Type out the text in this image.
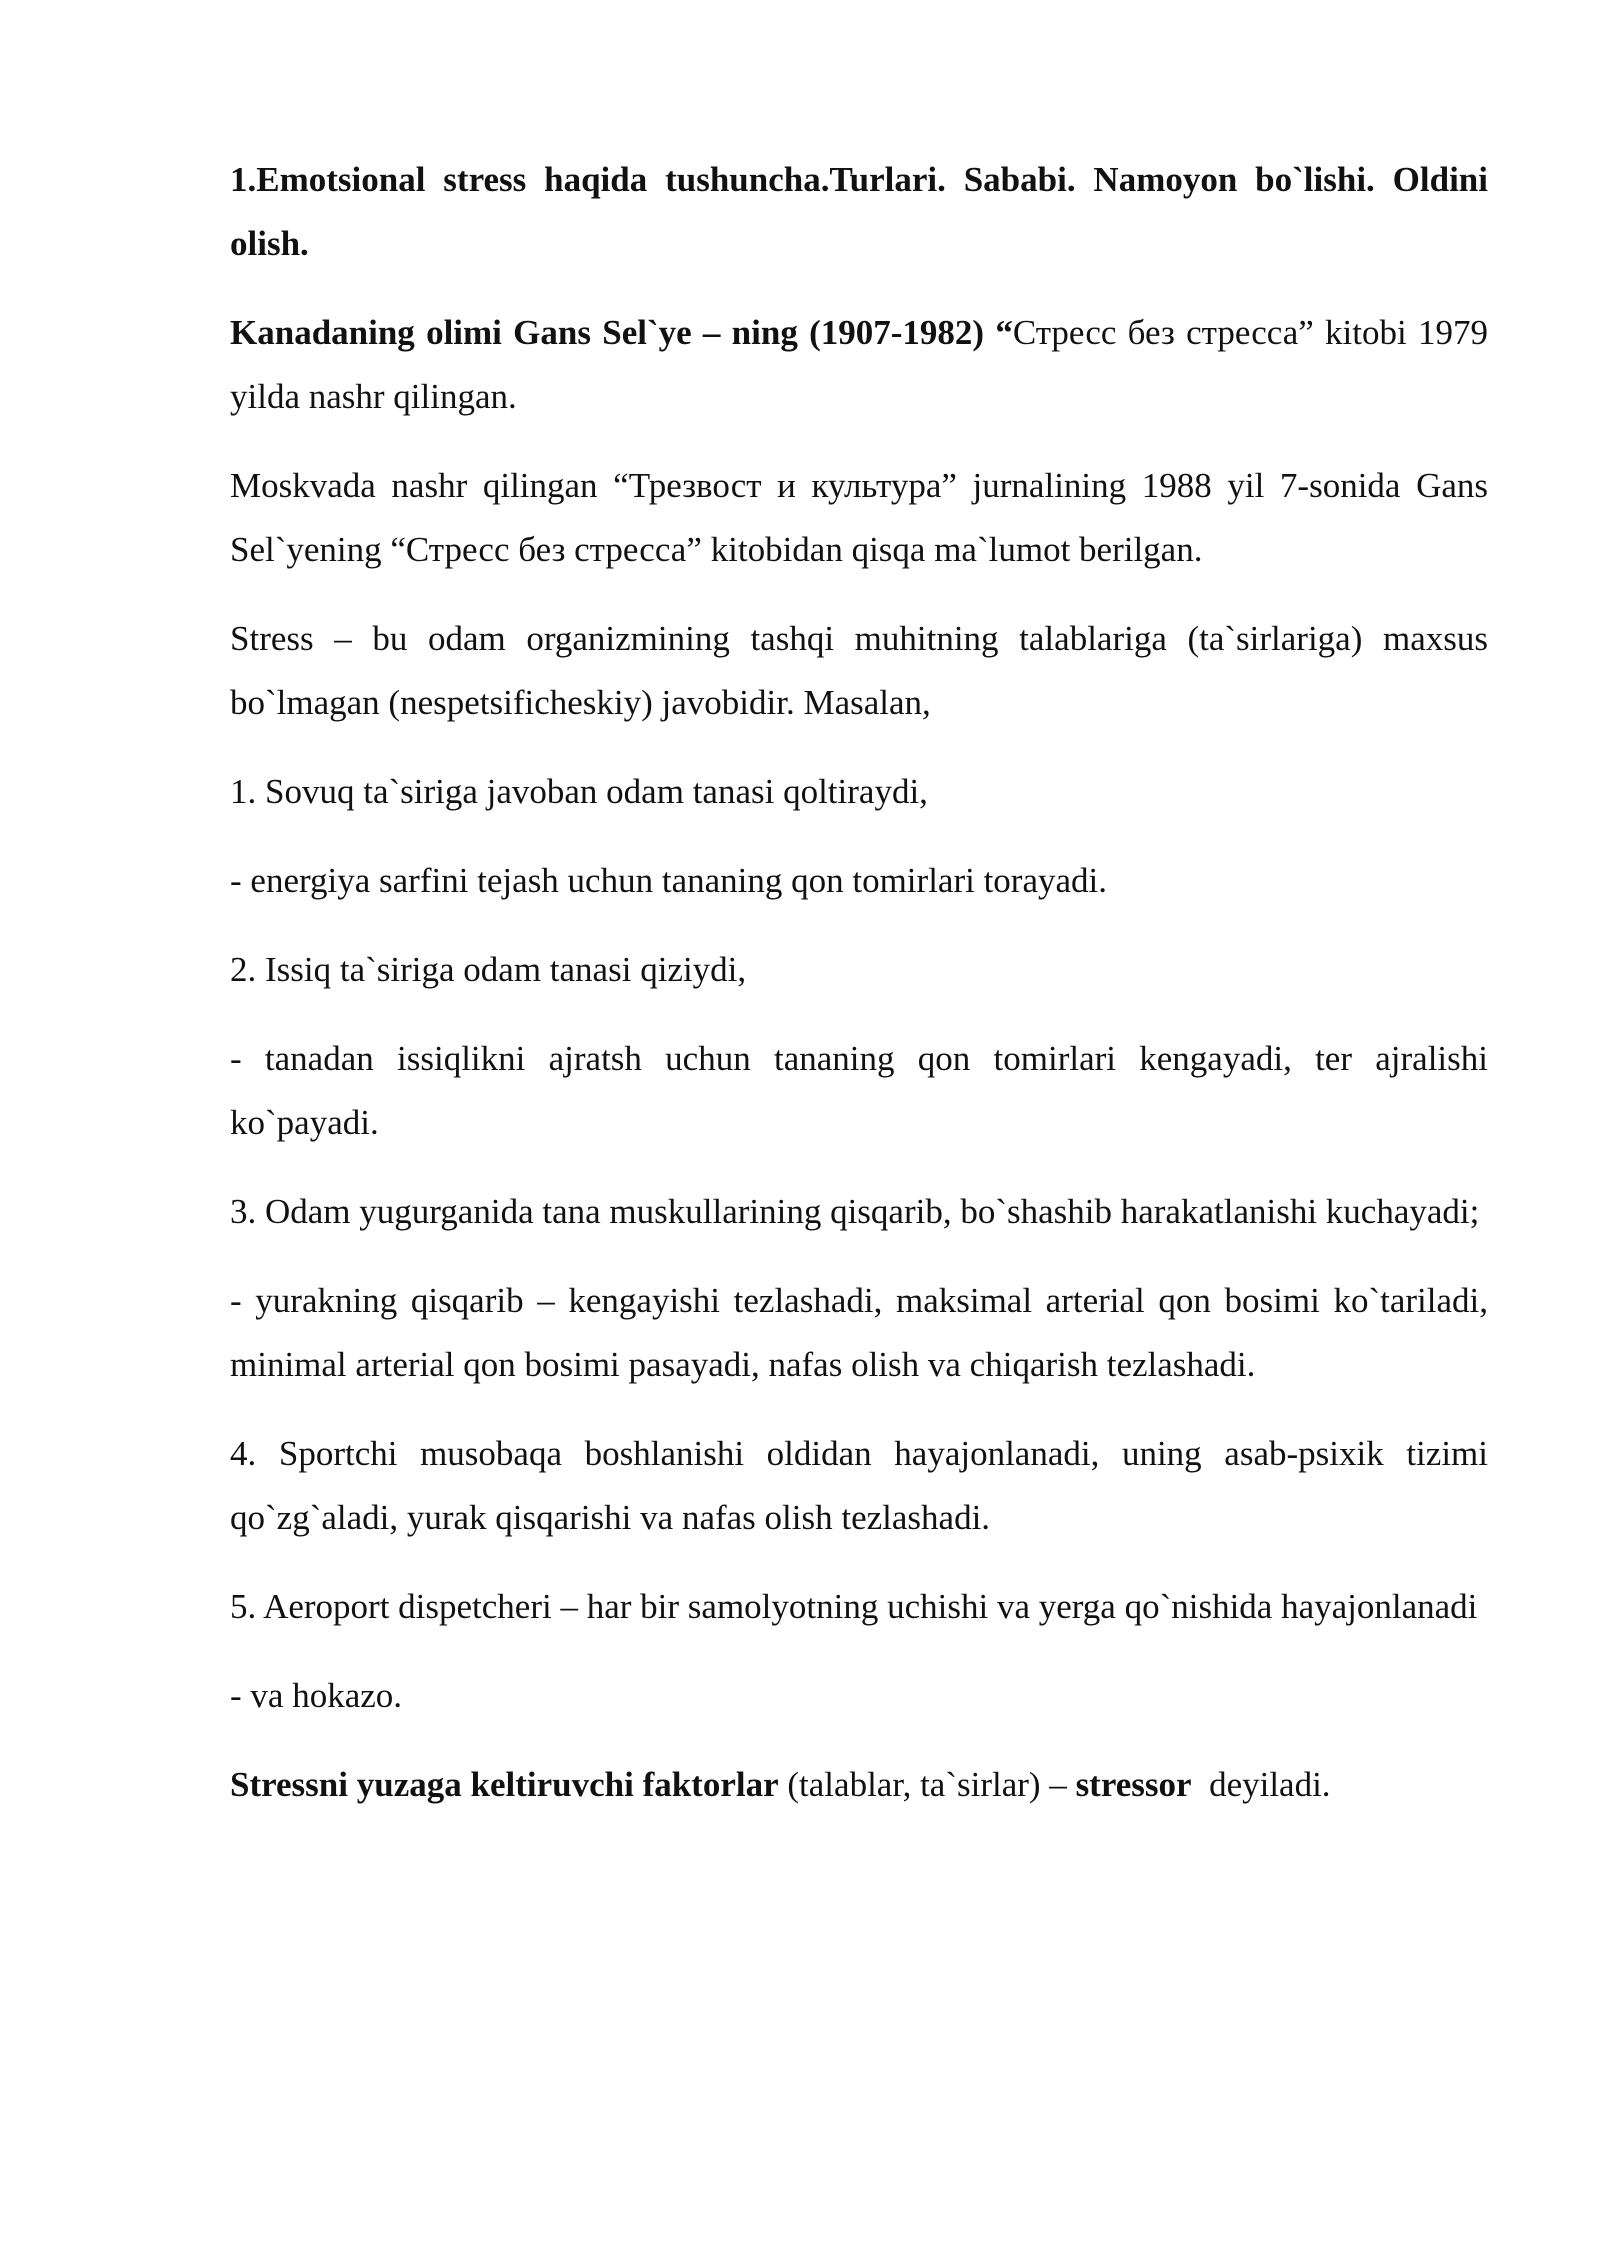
1.Emotsional stress haqida tushuncha.Turlari. Sababi. Namoyon bo`lishi. Oldini olish.

Kanadaning olimi Gans Sel`ye – ning (1907-1982) “Стресс без стресса” kitobi 1979 yilda nashr qilingan.

Moskvada nashr qilingan “Трезвост и культура” jurnalining 1988 yil 7-sonida Gans Sel`yening “Стресс без стресса” kitobidan qisqa ma`lumot berilgan.

Stress – bu odam organizmining tashqi muhitning talablariga (ta`sirlariga) maxsus bo`lmagan (nespetsificheskiy) javobidir. Masalan,

1. Sovuq ta`siriga javoban odam tanasi qoltiraydi,

- energiya sarfini tejash uchun tananing qon tomirlari torayadi.

2. Issiq ta`siriga odam tanasi qiziydi,

- tanadan issiqlikni ajratsh uchun tananing qon tomirlari kengayadi, ter ajralishi ko`payadi.

3. Odam yugurganida tana muskullarining qisqarib, bo`shashib harakatlanishi kuchayadi;

- yurakning qisqarib – kengayishi tezlashadi, maksimal arterial qon bosimi ko`tariladi, minimal arterial qon bosimi pasayadi, nafas olish va chiqarish tezlashadi.

4. Sportchi musobaqa boshlanishi oldidan hayajonlanadi, uning asab-psixik tizimi qo`zg`aladi, yurak qisqarishi va nafas olish tezlashadi.

5. Aeroport dispetcheri – har bir samolyotning uchishi va yerga qo`nishida hayajonlanadi

- va hokazo.

Stressni yuzaga keltiruvchi faktorlar (talablar, ta`sirlar) – stressor  deyiladi.
